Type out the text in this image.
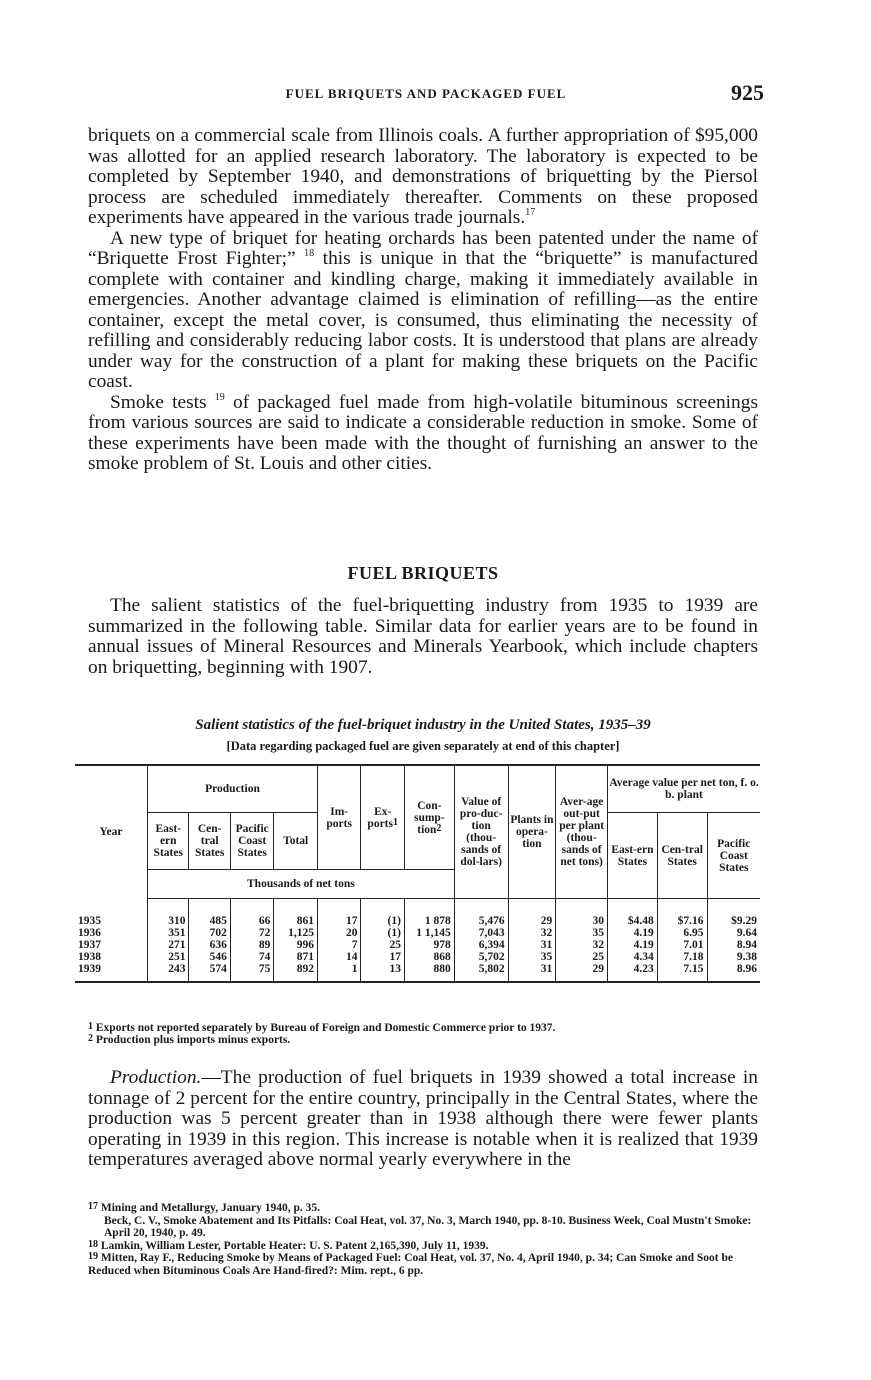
FUEL BRIQUETS AND PACKAGED FUEL	925

briquets on a commercial scale from Illinois coals. A further appropriation of $95,000 was allotted for an applied research laboratory. The laboratory is expected to be completed by September 1940, and demonstrations of briquetting by the Piersol process are scheduled immediately thereafter. Comments on these proposed experiments have appeared in the various trade journals.$^{17}$

A new type of briquet for heating orchards has been patented under the name of “Briquette Frost Fighter;” $^{18}$ this is unique in that the “briquette” is manufactured complete with container and kindling charge, making it immediately available in emergencies. Another advantage claimed is elimination of refilling—as the entire container, except the metal cover, is consumed, thus eliminating the necessity of refilling and considerably reducing labor costs. It is understood that plans are already under way for the construction of a plant for making these briquets on the Pacific coast.

Smoke tests $^{19}$ of packaged fuel made from high-volatile bituminous screenings from various sources are said to indicate a considerable reduction in smoke. Some of these experiments have been made with the thought of furnishing an answer to the smoke problem of St. Louis and other cities.

FUEL BRIQUETS

The salient statistics of the fuel-briquetting industry from 1935 to 1939 are summarized in the following table. Similar data for earlier years are to be found in annual issues of Mineral Resources and Minerals Yearbook, which include chapters on briquetting, beginning with 1907.

Salient statistics of the fuel-briquet industry in the United States, 1935–39
[Data regarding packaged fuel are given separately at end of this chapter]
Year	Production				Im-ports	Ex-ports$^1$	Con-sump-tion$^2$	Value of pro-duc-tion (thou-sands of dol-lars)	Plants in opera-tion	Aver-age out-put per plant (thou-sands of net tons)	Average value per net ton, f. o. b. plant		
	East-ern States	Cen-tral States	Pacific Coast States	Total							East-ern States	Cen-tral States	Pacific Coast States
	Thousands of net tons												
1935	310	485	66	861	17	(1)	1 878	5,476	29	30	$4.48	$7.16	$9.29
1936	351	702	72	1,125	20	(1)	1 1,145	7,043	32	35	4.19	6.95	9.64
1937	271	636	89	996	7	25	978	6,394	31	32	4.19	7.01	8.94
1938	251	546	74	871	14	17	868	5,702	35	25	4.34	7.18	9.38
1939	243	574	75	892	1	13	880	5,802	31	29	4.23	7.15	8.96
$^1$ Exports not reported separately by Bureau of Foreign and Domestic Commerce prior to 1937.
$^2$ Production plus imports minus exports.

Production.—The production of fuel briquets in 1939 showed a total increase in tonnage of 2 percent for the entire country, principally in the Central States, where the production was 5 percent greater than in 1938 although there were fewer plants operating in 1939 in this region. This increase is notable when it is realized that 1939 temperatures averaged above normal yearly everywhere in the

$^{17}$ Mining and Metallurgy, January 1940, p. 35.

Beck, C. V., Smoke Abatement and Its Pitfalls: Coal Heat, vol. 37, No. 3, March 1940, pp. 8-10. Business Week, Coal Mustn't Smoke: April 20, 1940, p. 49.

$^{18}$ Lamkin, William Lester, Portable Heater: U. S. Patent 2,165,390, July 11, 1939.

$^{19}$ Mitten, Ray F., Reducing Smoke by Means of Packaged Fuel: Coal Heat, vol. 37, No. 4, April 1940, p. 34; Can Smoke and Soot be Reduced when Bituminous Coals Are Hand-fired?: Mim. rept., 6 pp.
